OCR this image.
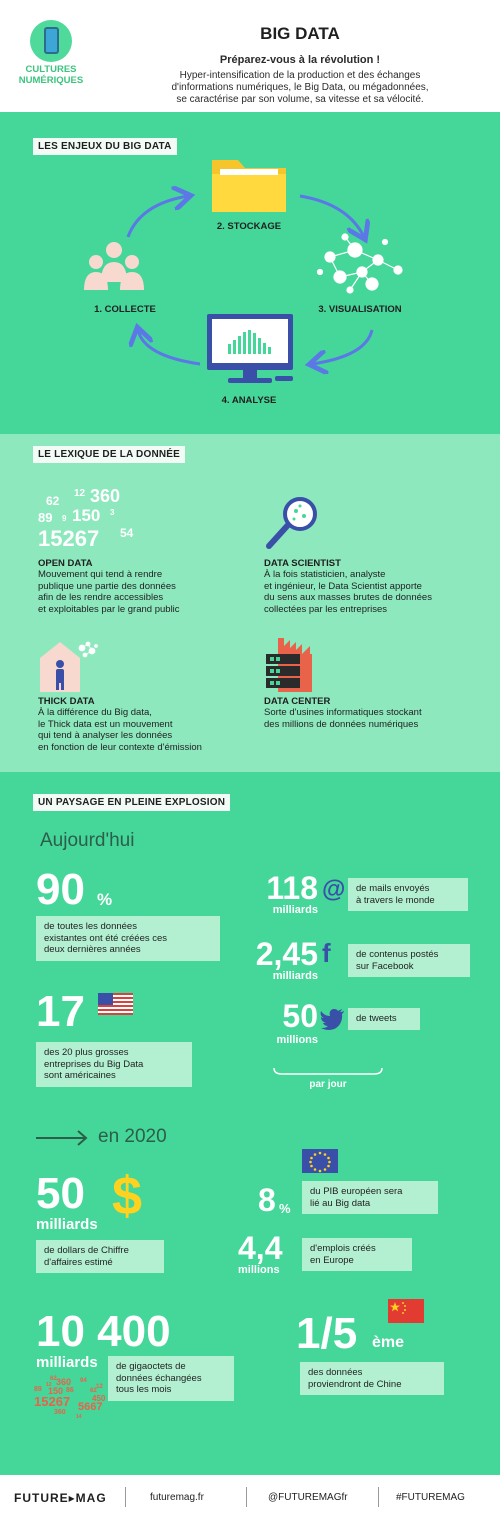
CULTURES
NUMÉRIQUES
BIG DATA
Préparez-vous à la révolution !
Hyper-intensification de la production et des échanges
d'informations numériques, le Big Data, ou mégadonnées,
se caractérise par son volume, sa vitesse et sa vélocité.
LES ENJEUX DU BIG DATA
2. STOCKAGE
1. COLLECTE	3. VISUALISATION
4. ANALYSE
LE LEXIQUE DE LA DONNÉE
62
12 360
89 9 150 3
15267 54
OPEN DATA
Mouvement qui tend à rendre
publique une partie des données
afin de les rendre accessibles
et exploitables par le grand public
DATA SCIENTIST
À la fois statisticien, analyste
et ingénieur, le Data Scientist apporte
du sens aux masses brutes de données
collectées par les entreprises
THICK DATA
À la différence du Big data,
le Thick data est un mouvement
qui tend à analyser les données
en fonction de leur contexte d'émission
DATA CENTER
Sorte d'usines informatiques stockant
des millions de données numériques
UN PAYSAGE EN PLEINE EXPLOSION
Aujourd'hui
90 %
de toutes les données
existantes ont été créées ces
deux dernières années
17
des 20 plus grosses
entreprises du Big Data
sont américaines
118
milliards
@ de mails envoyés
à travers le monde
2,45
milliards
f	de contenus postés
sur Facebook
50
millions
de tweets
par jour
en 2020
50
milliards $
de dollars de Chiffre
d'affaires estimé
8 %
du PIB européen sera
lié au Big data
4,4
millions
d'emplois créés
en Europe
10 400
milliards de gigaoctets de
données échangées
tous les mois
62
12 360 94
89 150 86	12
62
450
15267 5667
360
14
1/5 ème
des données
proviendront de Chine
FUTURE▸MAG	futuremag.fr	@FUTUREMAGfr	#FUTUREMAG
